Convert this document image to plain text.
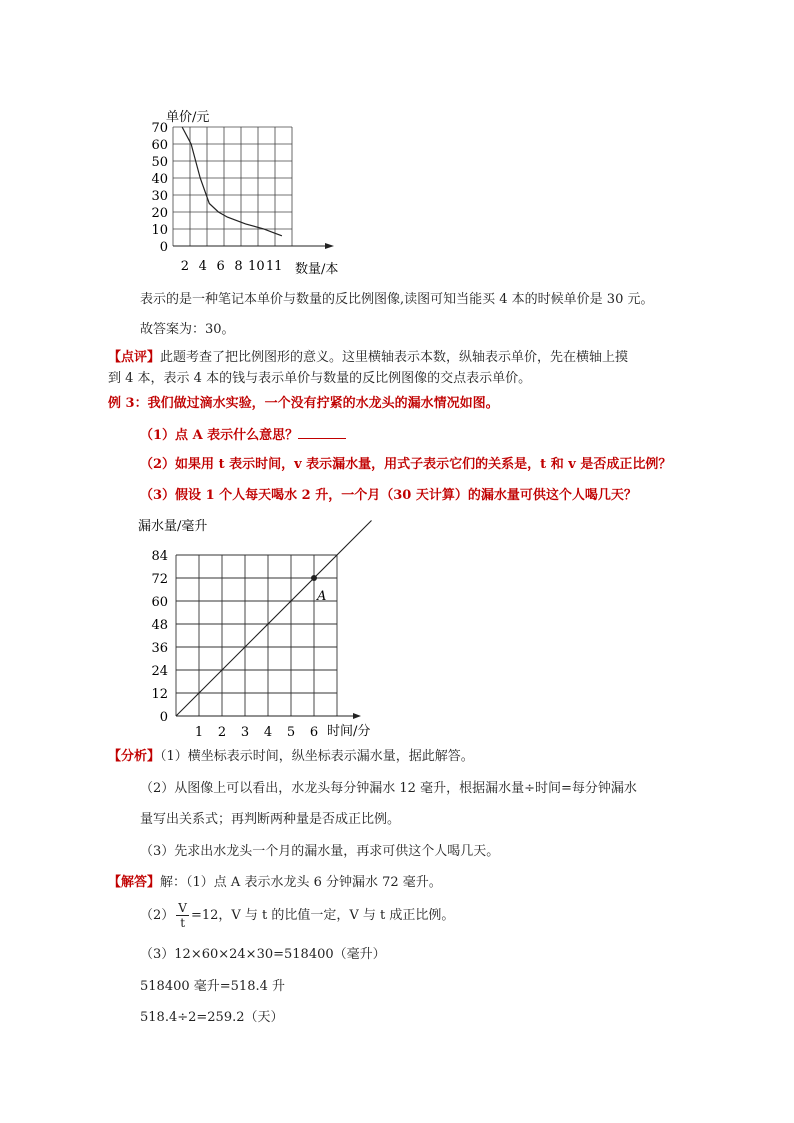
70
60
50
40
30
20
10
0
2 4 6 8 10 11
单价/元
数量/本
表示的是一种笔记本单价与数量的反比例图像,读图可知当能买 4 本的时候单价是 30 元。
故答案为：30。
【点评】此题考查了把比例图形的意义。这里横轴表示本数，纵轴表示单价，先在横轴上摸
到 4 本，表示 4 本的钱与表示单价与数量的反比例图像的交点表示单价。
例 3：我们做过滴水实验，一个没有拧紧的水龙头的漏水情况如图。
（1）点 A 表示什么意思？
（2）如果用 t 表示时间，v 表示漏水量，用式子表示它们的关系是，t 和 v 是否成正比例？
（3）假设 1 个人每天喝水 2 升，一个月（30 天计算）的漏水量可供这个人喝几天？
84
72
60
48
36
24
12
0
1 2 3 4 5 6
A
漏水量/毫升
时间/分
【分析】（1）横坐标表示时间，纵坐标表示漏水量，据此解答。
（2）从图像上可以看出，水龙头每分钟漏水 12 毫升，根据漏水量÷时间=每分钟漏水
量写出关系式；再判断两种量是否成正比例。
（3）先求出水龙头一个月的漏水量，再求可供这个人喝几天。
【解答】解：（1）点 A 表示水龙头 6 分钟漏水 72 毫升。
$(2) \frac{V}{t} =12$，V 与 t 的比值一定，V 与 t 成正比例。
（3）12×60×24×30=518400（毫升）
518400 毫升=518.4 升
518.4÷2=259.2（天）
